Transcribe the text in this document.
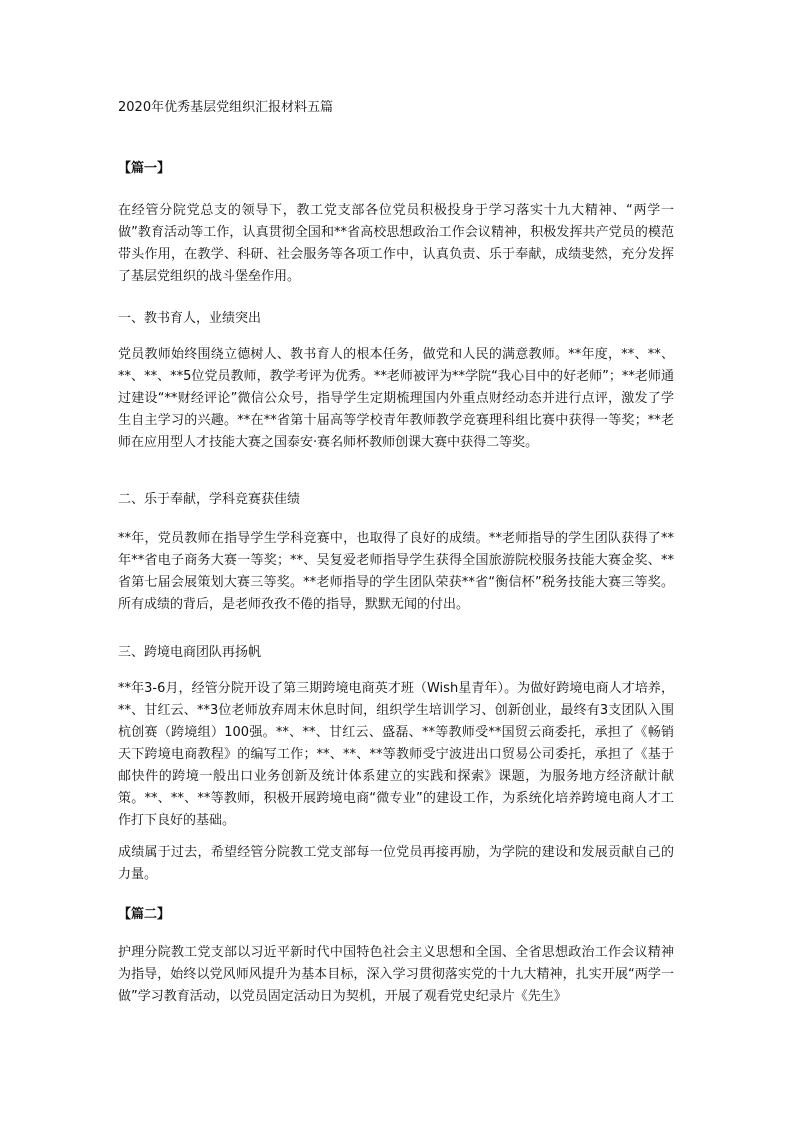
2020年优秀基层党组织汇报材料五篇
【篇一】

在经管分院党总支的领导下，教工党支部各位党员积极投身于学习落实十九大精神、“两学一做”教育活动等工作，认真贯彻全国和**省高校思想政治工作会议精神，积极发挥共产党员的模范带头作用，在教学、科研、社会服务等各项工作中，认真负责、乐于奉献，成绩斐然，充分发挥了基层党组织的战斗堡垒作用。

一、教书育人，业绩突出

党员教师始终围绕立德树人、教书育人的根本任务，做党和人民的满意教师。**年度，**、**、**、**、**5位党员教师，教学考评为优秀。**老师被评为**学院“我心目中的好老师”；**老师通过建设“**财经评论”微信公众号，指导学生定期梳理国内外重点财经动态并进行点评，激发了学生自主学习的兴趣。**在**省第十届高等学校青年教师教学竞赛理科组比赛中获得一等奖；**老师在应用型人才技能大赛之国泰安·赛名师杯教师创课大赛中获得二等奖。

二、乐于奉献，学科竞赛获佳绩

**年，党员教师在指导学生学科竞赛中，也取得了良好的成绩。**老师指导的学生团队获得了**年**省电子商务大赛一等奖；**、吴复爱老师指导学生获得全国旅游院校服务技能大赛金奖、**省第七届会展策划大赛三等奖。**老师指导的学生团队荣获**省“衡信杯”税务技能大赛三等奖。所有成绩的背后，是老师孜孜不倦的指导，默默无闻的付出。

三、跨境电商团队再扬帆

**年3-6月，经管分院开设了第三期跨境电商英才班（Wish星青年）。为做好跨境电商人才培养，**、甘红云、**3位老师放弃周末休息时间，组织学生培训学习、创新创业，最终有3支团队入围杭创赛（跨境组）100强。**、**、甘红云、盛磊、**等教师受**国贸云商委托，承担了《畅销天下跨境电商教程》的编写工作；**、**、**等教师受宁波进出口贸易公司委托，承担了《基于邮快件的跨境一般出口业务创新及统计体系建立的实践和探索》课题，为服务地方经济献计献策。**、**、**等教师，积极开展跨境电商“微专业”的建设工作，为系统化培养跨境电商人才工作打下良好的基础。

成绩属于过去，希望经管分院教工党支部每一位党员再接再励，为学院的建设和发展贡献自己的力量。

【篇二】

护理分院教工党支部以习近平新时代中国特色社会主义思想和全国、全省思想政治工作会议精神为指导，始终以党风师风提升为基本目标，深入学习贯彻落实党的十九大精神，扎实开展“两学一做”学习教育活动，以党员固定活动日为契机，开展了观看党史纪录片《先生》
